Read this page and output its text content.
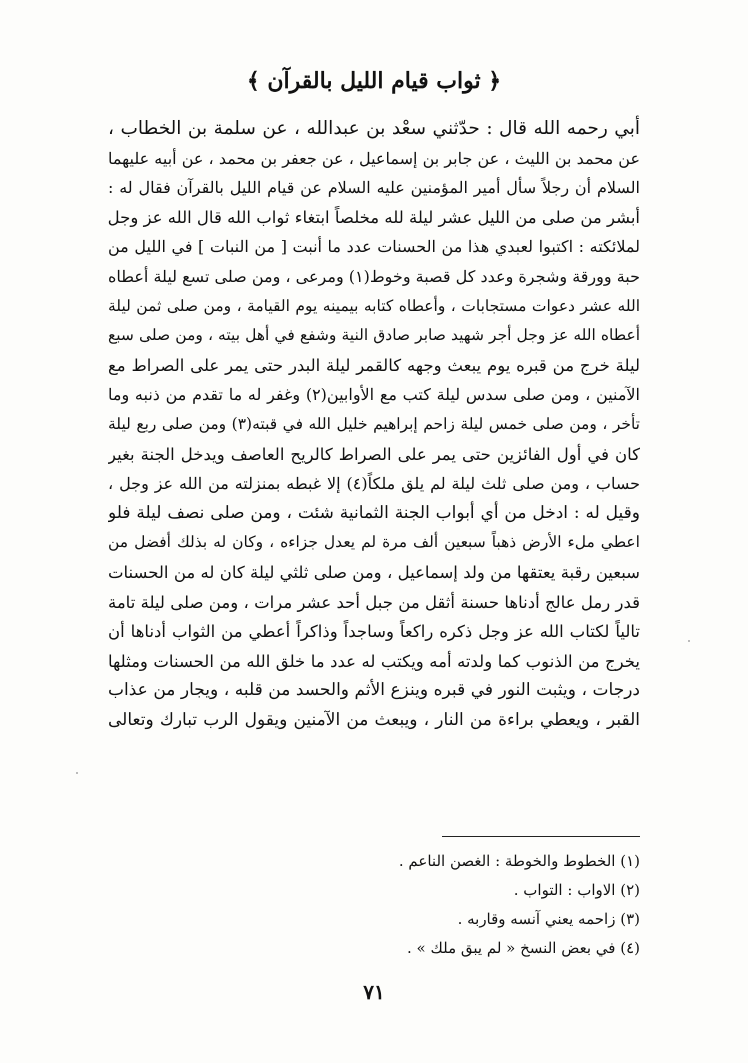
﴿ ثواب قيام الليل بالقرآن ﴾
أبي رحمه الله قال : حدّثني سعْد بن عبدالله ، عن سلمة بن الخطاب ،
عن محمد بن الليث ، عن جابر بن إسماعيل ، عن جعفر بن محمد ، عن أبيه عليهما
السلام أن رجلاً سأل أمير المؤمنين عليه السلام عن قيام الليل بالقرآن فقال له :
أبشر من صلى من الليل عشر ليلة لله مخلصاً ابتغاء ثواب الله قال الله عز وجل
لملائكته : اكتبوا لعبدي هذا من الحسنات عدد ما أنبت [ من النبات ] في الليل من
حبة وورقة وشجرة وعدد كل قصبة وخوط(١) ومرعى ، ومن صلى تسع ليلة أعطاه
الله عشر دعوات مستجابات ، وأعطاه كتابه بيمينه يوم القيامة ، ومن صلى ثمن ليلة
أعطاه الله عز وجل أجر شهيد صابر صادق النية وشفع في أهل بيته ، ومن صلى سبع
ليلة خرج من قبره يوم يبعث وجهه كالقمر ليلة البدر حتى يمر على الصراط مع
الآمنين ، ومن صلى سدس ليلة كتب مع الأوابين(٢) وغفر له ما تقدم من ذنبه وما
تأخر ، ومن صلى خمس ليلة زاحم إبراهيم خليل الله في قبته(٣) ومن صلى ربع ليلة
كان في أول الفائزين حتى يمر على الصراط كالريح العاصف ويدخل الجنة بغير
حساب ، ومن صلى ثلث ليلة لم يلق ملكاً(٤) إلا غبطه بمنزلته من الله عز وجل ،
وقيل له : ادخل من أي أبواب الجنة الثمانية شئت ، ومن صلى نصف ليلة فلو
اعطي ملء الأرض ذهباً سبعين ألف مرة لم يعدل جزاءه ، وكان له بذلك أفضل من
سبعين رقبة يعتقها من ولد إسماعيل ، ومن صلى ثلثي ليلة كان له من الحسنات
قدر رمل عالج أدناها حسنة أثقل من جبل أحد عشر مرات ، ومن صلى ليلة تامة
تالياً لكتاب الله عز وجل ذكره راكعاً وساجداً وذاكراً أعطي من الثواب أدناها أن
يخرج من الذنوب كما ولدته أمه ويكتب له عدد ما خلق الله من الحسنات ومثلها
درجات ، ويثبت النور في قبره وينزع الأثم والحسد من قلبه ، ويجار من عذاب
القبر ، ويعطي براءة من النار ، ويبعث من الآمنين ويقول الرب تبارك وتعالى
(١) الخطوط والخوطة : الغصن الناعم .
(٢) الاواب : التواب .
(٣) زاحمه يعني آنسه وقاربه .
(٤) في بعض النسخ « لم يبق ملك » .
٧١
